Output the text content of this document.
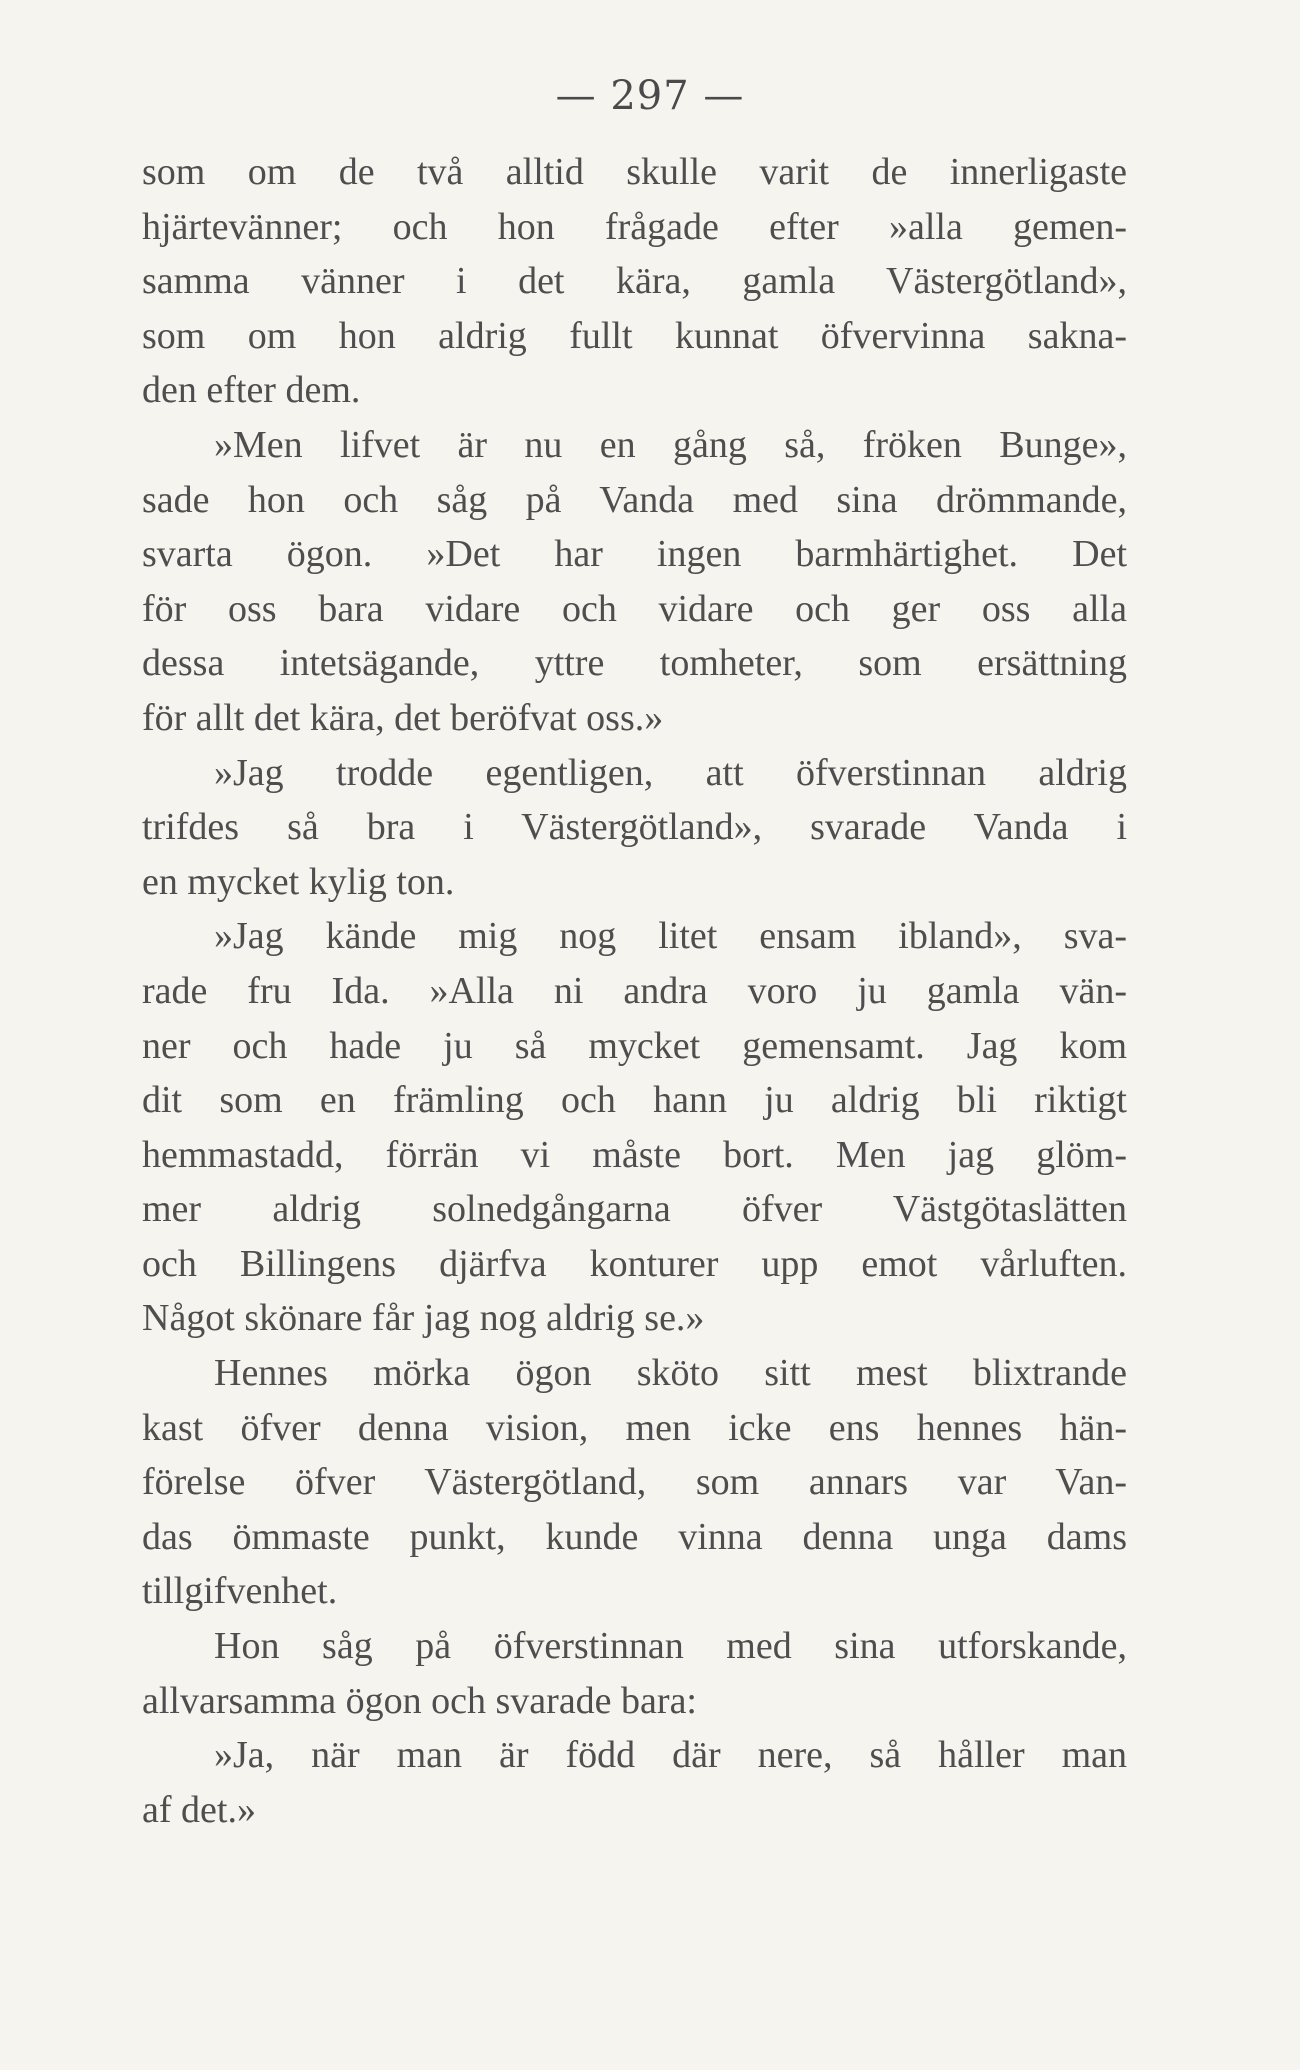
— 297 —
som om de två alltid skulle varit de innerligaste
hjärtevänner; och hon frågade efter »alla gemen-
samma vänner i det kära, gamla Västergötland»,
som om hon aldrig fullt kunnat öfvervinna sakna-
den efter dem.
»Men lifvet är nu en gång så, fröken Bunge»,
sade hon och såg på Vanda med sina drömmande,
svarta ögon. »Det har ingen barmhärtighet. Det
för oss bara vidare och vidare och ger oss alla
dessa intetsägande, yttre tomheter, som ersättning
för allt det kära, det beröfvat oss.»
»Jag trodde egentligen, att öfverstinnan aldrig
trifdes så bra i Västergötland», svarade Vanda i
en mycket kylig ton.
»Jag kände mig nog litet ensam ibland», sva-
rade fru Ida. »Alla ni andra voro ju gamla vän-
ner och hade ju så mycket gemensamt. Jag kom
dit som en främling och hann ju aldrig bli riktigt
hemmastadd, förrän vi måste bort. Men jag glöm-
mer aldrig solnedgångarna öfver Västgötaslätten
och Billingens djärfva konturer upp emot vårluften.
Något skönare får jag nog aldrig se.»
Hennes mörka ögon sköto sitt mest blixtrande
kast öfver denna vision, men icke ens hennes hän-
förelse öfver Västergötland, som annars var Van-
das ömmaste punkt, kunde vinna denna unga dams
tillgifvenhet.
Hon såg på öfverstinnan med sina utforskande,
allvarsamma ögon och svarade bara:
»Ja, när man är född där nere, så håller man
af det.»
